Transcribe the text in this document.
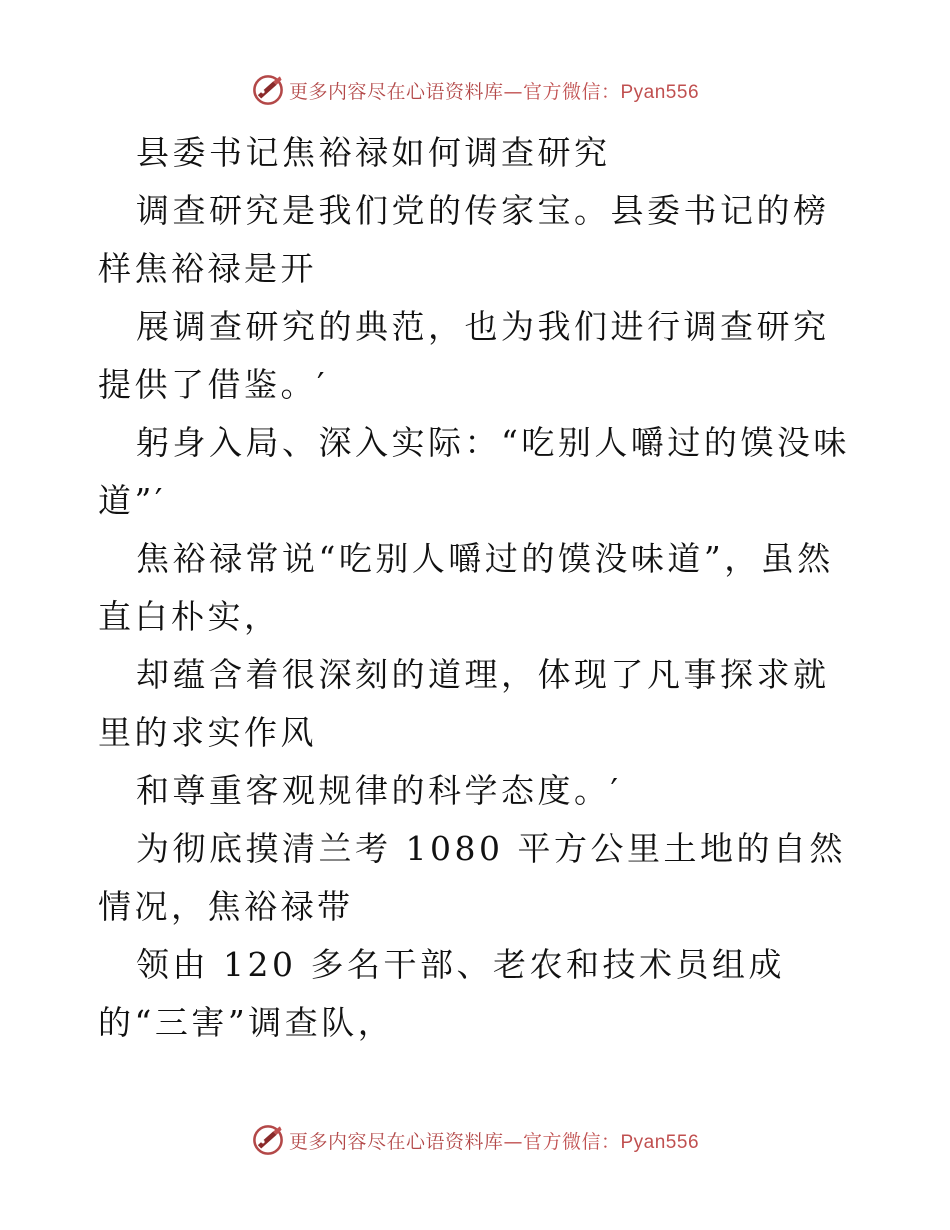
更多内容尽在心语资料库—官方微信：Pyan556

县委书记焦裕禄如何调查研究

调查研究是我们党的传家宝。县委书记的榜样焦裕禄是开

展调查研究的典范，也为我们进行调查研究提供了借鉴。′

躬身入局、深入实际：“吃别人嚼过的馍没味道”′

焦裕禄常说“吃别人嚼过的馍没味道”，虽然直白朴实，

却蕴含着很深刻的道理，体现了凡事探求就里的求实作风

和尊重客观规律的科学态度。′

为彻底摸清兰考 1080 平方公里土地的自然情况，焦裕禄带

领由 120 多名干部、老农和技术员组成的“三害”调查队，

更多内容尽在心语资料库—官方微信：Pyan556
